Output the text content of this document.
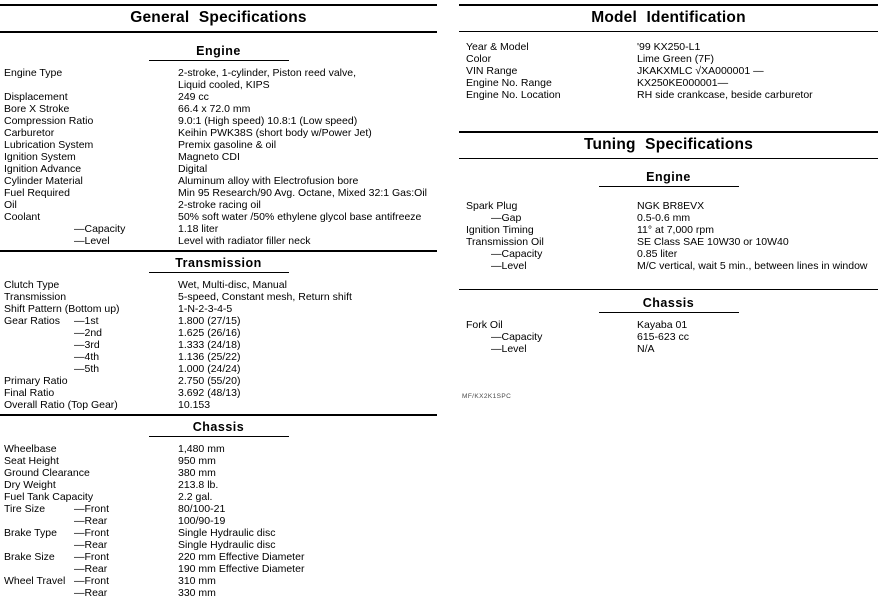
General Specifications
Engine
Engine Type	2-stroke, 1-cylinder, Piston reed valve,
Liquid cooled, KIPS
Displacement	249 cc
Bore X Stroke	66.4 x 72.0 mm
Compression Ratio	9.0:1 (High speed) 10.8:1 (Low speed)
Carburetor	Keihin PWK38S (short body w/Power Jet)
Lubrication System	Premix gasoline & oil
Ignition System	Magneto CDI
Ignition Advance	Digital
Cylinder Material	Aluminum alloy with Electrofusion bore
Fuel Required	Min 95 Research/90 Avg. Octane, Mixed 32:1 Gas:Oil
Oil	2-stroke racing oil
Coolant	50% soft water /50% ethylene glycol base antifreeze
—Capacity	1.18 liter
—Level	Level with radiator filler neck
Transmission
Clutch Type	Wet, Multi-disc, Manual
Transmission	5-speed, Constant mesh, Return shift
Shift Pattern (Bottom up)	1-N-2-3-4-5
Gear Ratios	—1st	1.800 (27/15)
—2nd	1.625 (26/16)
—3rd	1.333 (24/18)
—4th	1.136 (25/22)
—5th	1.000 (24/24)
Primary Ratio	2.750 (55/20)
Final Ratio	3.692 (48/13)
Overall Ratio (Top Gear)	10.153
Chassis
Wheelbase	1,480 mm
Seat Height	950 mm
Ground Clearance	380 mm
Dry Weight	213.8 lb.
Fuel Tank Capacity	2.2 gal.
Tire Size	—Front	80/100-21
—Rear	100/90-19
Brake Type	—Front	Single Hydraulic disc
—Rear	Single Hydraulic disc
Brake Size	—Front	220 mm Effective Diameter
—Rear	190 mm Effective Diameter
Wheel Travel —Front	310 mm
—Rear	330 mm
Model Identification
Year & Model	'99 KX250-L1
Color	Lime Green (7F)
VIN Range	JKAKXMLC √XA000001 —
Engine No. Range	KX250KE000001—
Engine No. Location	RH side crankcase, beside carburetor
Tuning Specifications
Engine
Spark Plug	NGK BR8EVX
—Gap	0.5-0.6 mm
Ignition Timing	11° at 7,000 rpm
Transmission Oil	SE Class SAE 10W30 or 10W40
—Capacity	0.85 liter
—Level	M/C vertical, wait 5 min., between lines in window
Chassis
Fork Oil	Kayaba 01
—Capacity	615-623 cc
—Level	N/A
MF/KX2K1SPC
